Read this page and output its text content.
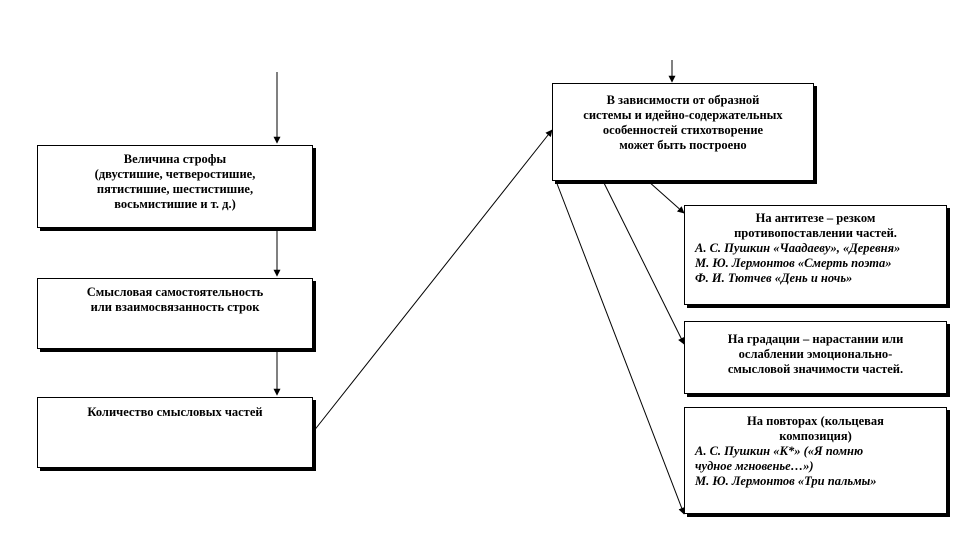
Величина строфы
(двустишие, четверостишие,
пятистишие, шестистишие,
восьмистишие и т. д.)
Смысловая самостоятельность
или взаимосвязанность строк
Количество смысловых частей
В зависимости от образной
системы и идейно-содержательных
особенностей стихотворение
может быть построено
На антитезе – резком
противопоставлении частей.
А. С. Пушкин «Чаадаеву», «Деревня»
М. Ю. Лермонтов «Смерть поэта»
Ф. И. Тютчев «День и ночь»
На градации – нарастании или
ослаблении эмоционально-
смысловой значимости частей.
На повторах (кольцевая
композиция)
А. С. Пушкин «К*» («Я помню
чудное мгновенье…»)
М. Ю. Лермонтов «Три пальмы»
